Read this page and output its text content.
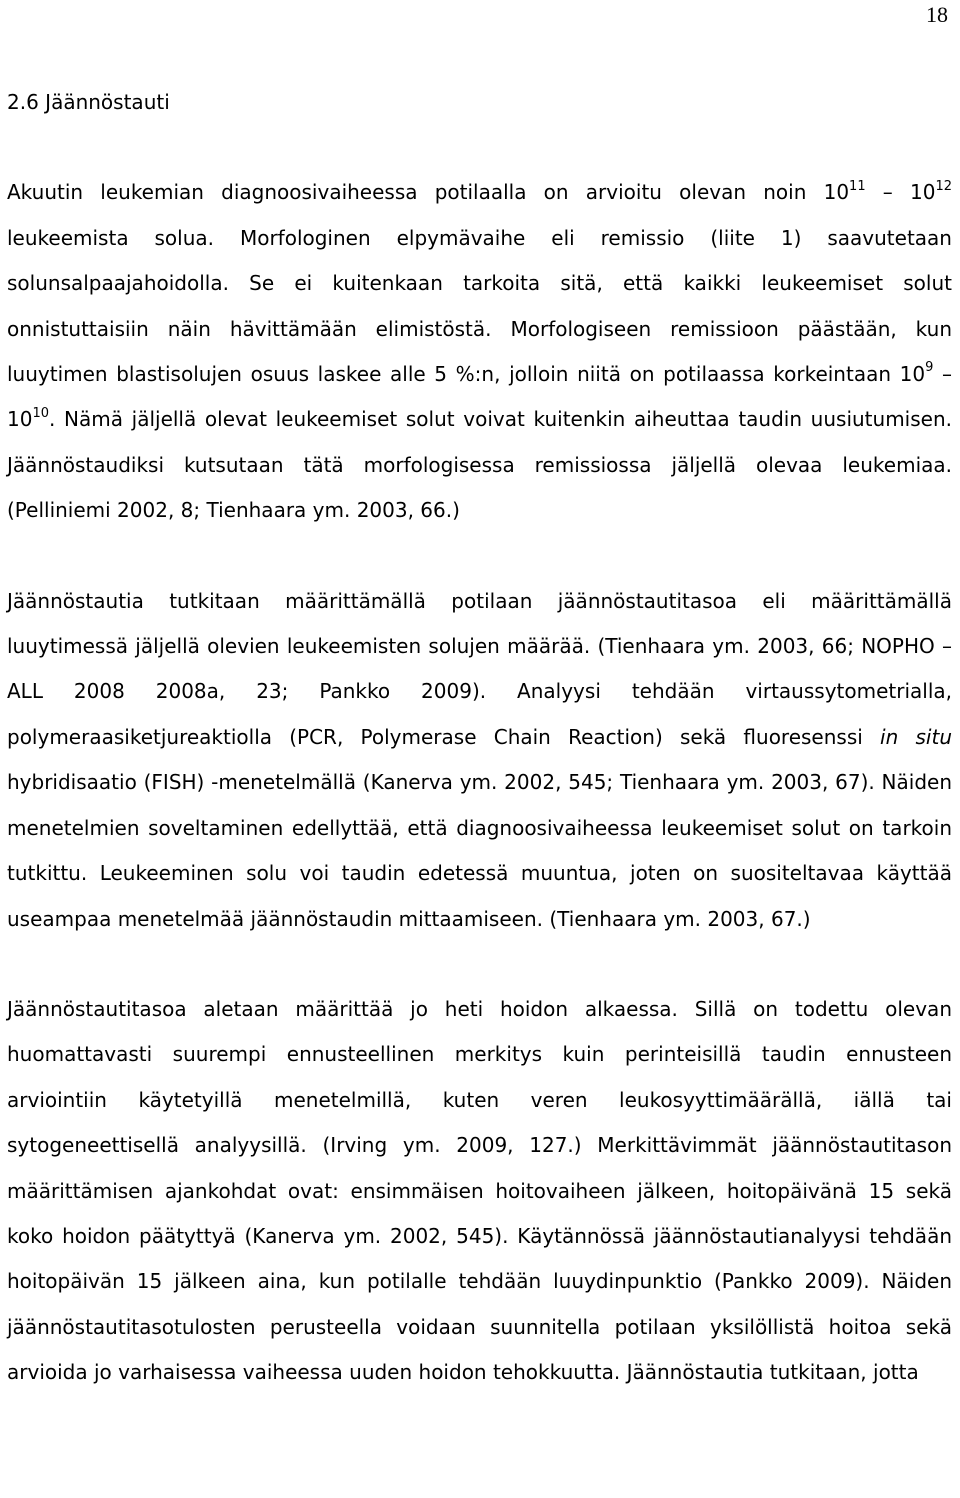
18
2.6 Jäännöstauti

Akuutin leukemian diagnoosivaiheessa potilaalla on arvioitu olevan noin $10^{11} - 10^{12}$ leukeemista solua. Morfologinen elpymävaihe eli remissio (liite 1) saavutetaan solunsalpaajahoidolla. Se ei kuitenkaan tarkoita sitä, että kaikki leukeemiset solut onnistuttaisiin näin hävittämään elimistöstä. Morfologiseen remissioon päästään, kun luuytimen blastisolujen osuus laskee alle 5 %:n, jolloin niitä on potilaassa korkeintaan $10^9 - 10^{10}$. Nämä jäljellä olevat leukeemiset solut voivat kuitenkin aiheuttaa taudin uusiutumisen. Jäännöstaudiksi kutsutaan tätä morfologisessa remissiossa jäljellä olevaa leukemiaa. (Pelliniemi 2002, 8; Tienhaara ym. 2003, 66.)

Jäännöstautia tutkitaan määrittämällä potilaan jäännöstautitasoa eli määrittämällä luuytimessä jäljellä olevien leukeemisten solujen määrää. (Tienhaara ym. 2003, 66; NOPHO – ALL 2008 2008a, 23; Pankko 2009). Analyysi tehdään virtaussytometrialla, polymeraasiketjureaktiolla (PCR, Polymerase Chain Reaction) sekä fluoresenssi in situ hybridisaatio (FISH) -menetelmällä (Kanerva ym. 2002, 545; Tienhaara ym. 2003, 67). Näiden menetelmien soveltaminen edellyttää, että diagnoosivaiheessa leukeemiset solut on tarkoin tutkittu. Leukeeminen solu voi taudin edetessä muuntua, joten on suositeltavaa käyttää useampaa menetelmää jäännöstaudin mittaamiseen. (Tienhaara ym. 2003, 67.)

Jäännöstautitasoa aletaan määrittää jo heti hoidon alkaessa. Sillä on todettu olevan huomattavasti suurempi ennusteellinen merkitys kuin perinteisillä taudin ennusteen arviointiin käytetyillä menetelmillä, kuten veren leukosyyttimäärällä, iällä tai sytogeneettisellä analyysillä. (Irving ym. 2009, 127.) Merkittävimmät jäännöstautitason määrittämisen ajankohdat ovat: ensimmäisen hoitovaiheen jälkeen, hoitopäivänä 15 sekä koko hoidon päätyttyä (Kanerva ym. 2002, 545). Käytännössä jäännöstautianalyysi tehdään hoitopäivän 15 jälkeen aina, kun potilalle tehdään luuydinpunktio (Pankko 2009). Näiden jäännöstautitasotulosten perusteella voidaan suunnitella potilaan yksilöllistä hoitoa sekä arvioida jo varhaisessa vaiheessa uuden hoidon tehokkuutta. Jäännöstautia tutkitaan, jotta
